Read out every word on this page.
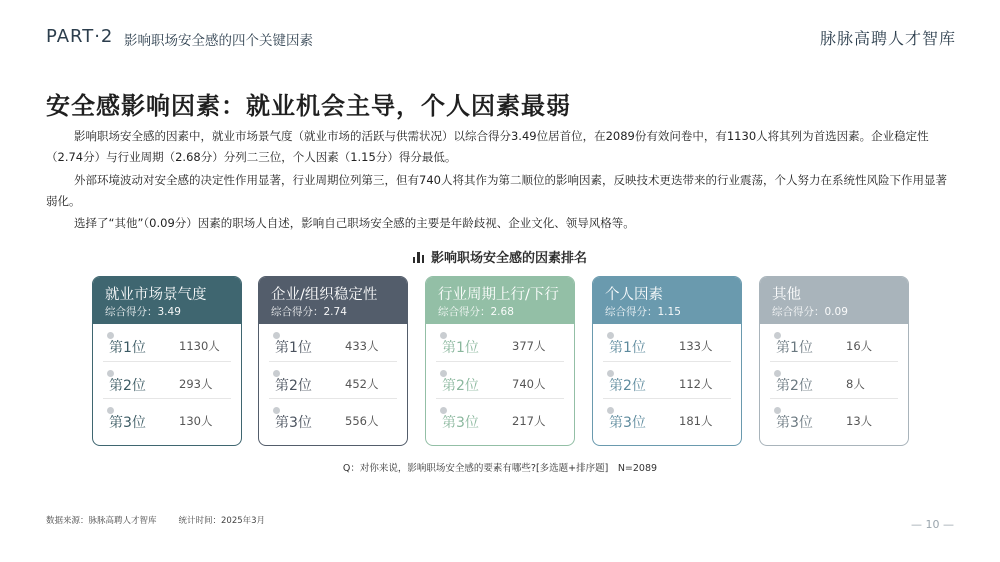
PART·2 影响职场安全感的四个关键因素	脉脉高聘人才智库
安全感影响因素：就业机会主导，个人因素最弱

影响职场安全感的因素中，就业市场景气度（就业市场的活跃与供需状况）以综合得分3.49位居首位，在2089份有效问卷中，有1130人将其列为首选因素。企业稳定性（2.74分）与行业周期（2.68分）分列二三位，个人因素（1.15分）得分最低。

外部环境波动对安全感的决定性作用显著，行业周期位列第三，但有740人将其作为第二顺位的影响因素，反映技术更迭带来的行业震荡，个人努力在系统性风险下作用显著弱化。

选择了“其他”（0.09分）因素的职场人自述，影响自己职场安全感的主要是年龄歧视、企业文化、领导风格等。

影响职场安全感的因素排名
就业市场景气度
综合得分：3.49
第1位	1130人
第2位	293人
第3位	130人
企业/组织稳定性
综合得分：2.74
第1位	433人
第2位	452人
第3位	556人
行业周期上行/下行
综合得分：2.68
第1位	377人
第2位	740人
第3位	217人
个人因素
综合得分：1.15
第1位	133人
第2位	112人
第3位	181人
其他
综合得分：0.09
第1位	16人
第2位	8人
第3位	13人
Q：对你来说，影响职场安全感的要素有哪些?[多选题+排序题]　N=2089
数据来源：脉脉高聘人才智库	统计时间：2025年3月	— 10 —
